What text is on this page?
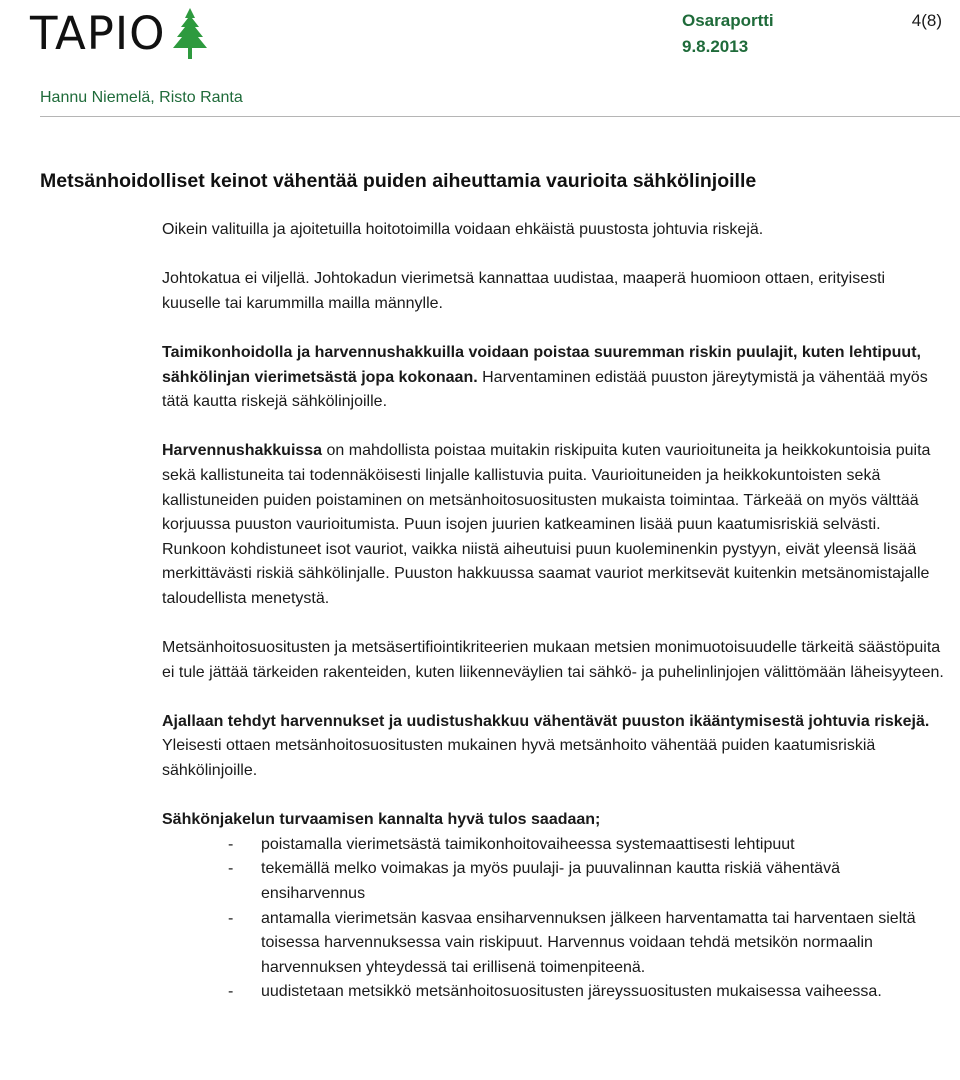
TAPIO	Osaraportti
9.8.2013
4(8)
Hannu Niemelä, Risto Ranta
Metsänhoidolliset keinot vähentää puiden aiheuttamia vaurioita sähkölinjoille

Oikein valituilla ja ajoitetuilla hoitotoimilla voidaan ehkäistä puustosta johtuvia riskejä.

Johtokatua ei viljellä. Johtokadun vierimetsä kannattaa uudistaa, maaperä huomioon ottaen, erityisesti kuuselle tai karummilla mailla männylle.

Taimikonhoidolla ja harvennushakkuilla voidaan poistaa suuremman riskin puulajit, kuten lehtipuut, sähkölinjan vierimetsästä jopa kokonaan. Harventaminen edistää puuston järeytymistä ja vähentää myös tätä kautta riskejä sähkölinjoille.

Harvennushakkuissa on mahdollista poistaa muitakin riskipuita kuten vaurioituneita ja heikkokuntoisia puita sekä kallistuneita tai todennäköisesti linjalle kallistuvia puita. Vaurioituneiden ja heikkokuntoisten sekä kallistuneiden puiden poistaminen on metsänhoitosuositusten mukaista toimintaa. Tärkeää on myös välttää korjuussa puuston vaurioitumista. Puun isojen juurien katkeaminen lisää puun kaatumisriskiä selvästi. Runkoon kohdistuneet isot vauriot, vaikka niistä aiheutuisi puun kuoleminenkin pystyyn, eivät yleensä lisää merkittävästi riskiä sähkölinjalle. Puuston hakkuussa saamat vauriot merkitsevät kuitenkin metsänomistajalle taloudellista menetystä.

Metsänhoitosuositusten ja metsäsertifiointikriteerien mukaan metsien monimuotoisuudelle tärkeitä säästöpuita ei tule jättää tärkeiden rakenteiden, kuten liikenneväylien tai sähkö- ja puhelinlinjojen välittömään läheisyyteen.

Ajallaan tehdyt harvennukset ja uudistushakkuu vähentävät puuston ikääntymisestä johtuvia riskejä. Yleisesti ottaen metsänhoitosuositusten mukainen hyvä metsänhoito vähentää puiden kaatumisriskiä sähkölinjoille.

Sähkönjakelun turvaamisen kannalta hyvä tulos saadaan;
- poistamalla vierimetsästä taimikonhoitovaiheessa systemaattisesti lehtipuut
- tekemällä melko voimakas ja myös puulaji- ja puuvalinnan kautta riskiä vähentävä ensiharvennus
- antamalla vierimetsän kasvaa ensiharvennuksen jälkeen harventamatta tai harventaen sieltä toisessa harvennuksessa vain riskipuut. Harvennus voidaan tehdä metsikön normaalin harvennuksen yhteydessä tai erillisenä toimenpiteenä.
- uudistetaan metsikkö metsänhoitosuositusten järeyssuositusten mukaisessa vaiheessa.
